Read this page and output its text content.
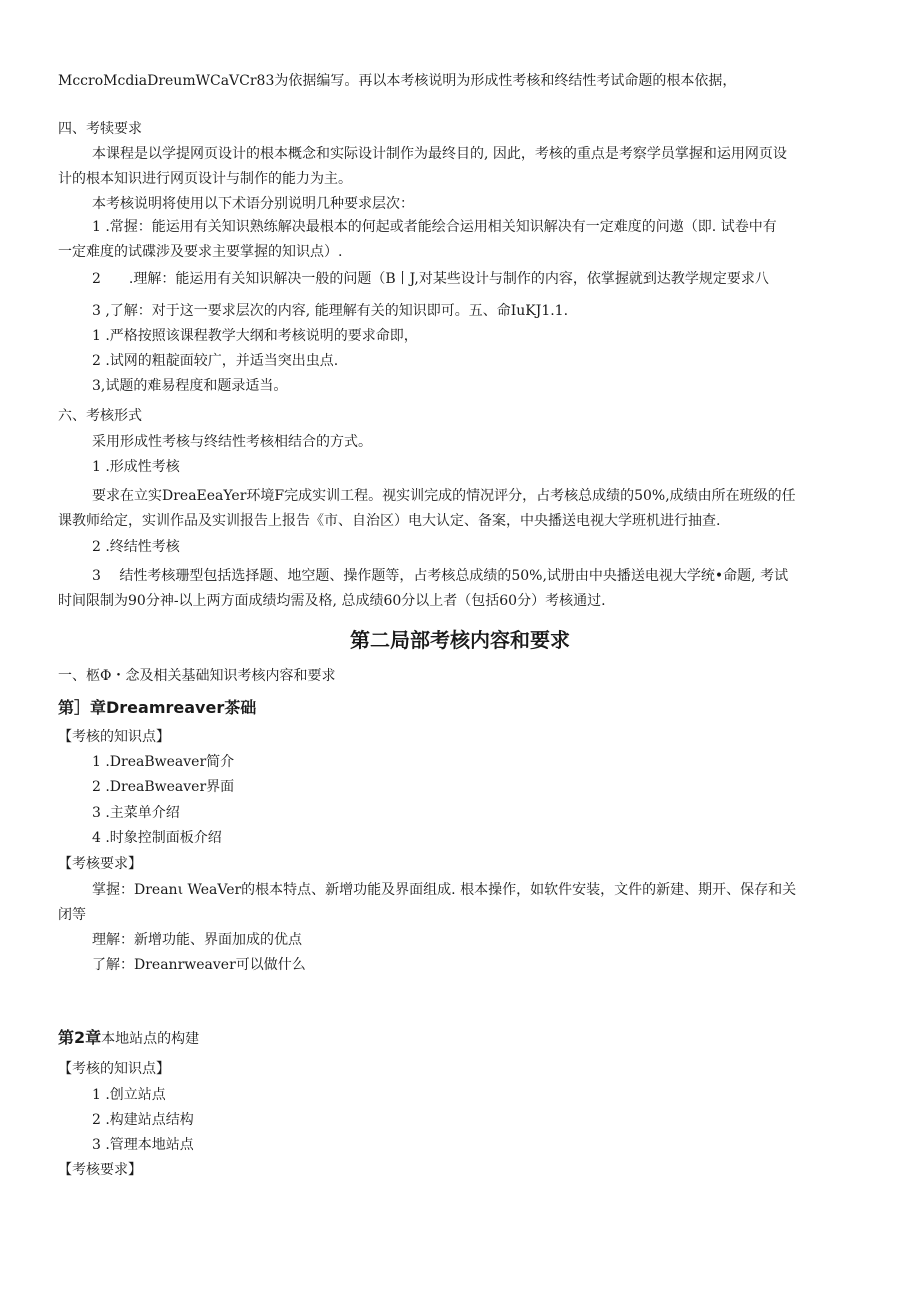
McсroMсdiaDreumWCaVCr83为依据编写。再以本考核说明为形成性考核和终结性考试命题的根本依据，
四、考犊要求
本课程是以学提网页设计的根本概念和实际设计制作为最终目的, 因此，考核的重点是考察学员掌握和运用网页设
计的根本知识进行网页设计与制作的能力为主。
本考核说明将使用以下术语分别说明几种要求层次：
1 .常握：能运用有关知识熟练解决最根本的何起或者能绘合运用相关知识解决有一定难度的问遨（即. 试卷中有
一定难度的试碟涉及要求主要掌握的知识点）.
2　　.理解：能运用有关知识解决一般的问题（B丨J,对某些设计与制作的内容，依掌握就到达教学规定要求八
3 ,了解：对于这一要求层次的内容, 能理解有关的知识即可。五、命IuKJ1.1.
1 .严格按照该课程教学大纲和考核说明的要求命即，
2 .试网的粗靛面较广，并适当突出虫点.
3,试题的难易程度和题录适当。
六、考核形式
采用形成性考核与终结性考核相结合的方式。
1 .形成性考核
要求在立实DreaEeaYer环境F完成实训工程。视实训完成的情况评分，占考核总成绩的50%,成绩由所在班级的任
课教师给定，实训作品及实训报告上报告《市、自治区）电大认定、备案，中央播送电视大学班机进行抽查.
2 .终结性考核
3　 结性考核珊型包括选择题、地空题、操作题等，占考核总成绩的50%,试册由中央播送电视大学统•命题, 考试
时间限制为90分神-以上两方面成绩均需及格, 总成绩60分以上者（包括60分）考核通过.
第二局部考核内容和要求
一、柩Φ・念及相关基础知识考核内容和要求
第］章Dreamreaver茶础
【考核的知识点】
1 .DreaBweaver简介
2 .DreaBweaver界面
3 .主菜单介绍
4 .时象控制面板介绍
【考核要求】
掌握：Dreanι WeaVer的根本特点、新增功能及界面组成. 根本操作，如软件安装，文件的新建、期开、保存和关
闭等
理解：新增功能、界面加成的优点
了解：Dreanrweaver可以做什么
第2章本地站点的构建
【考核的知识点】
1 .创立站点
2 .构建站点结构
3 .管理本地站点
【考核要求】
